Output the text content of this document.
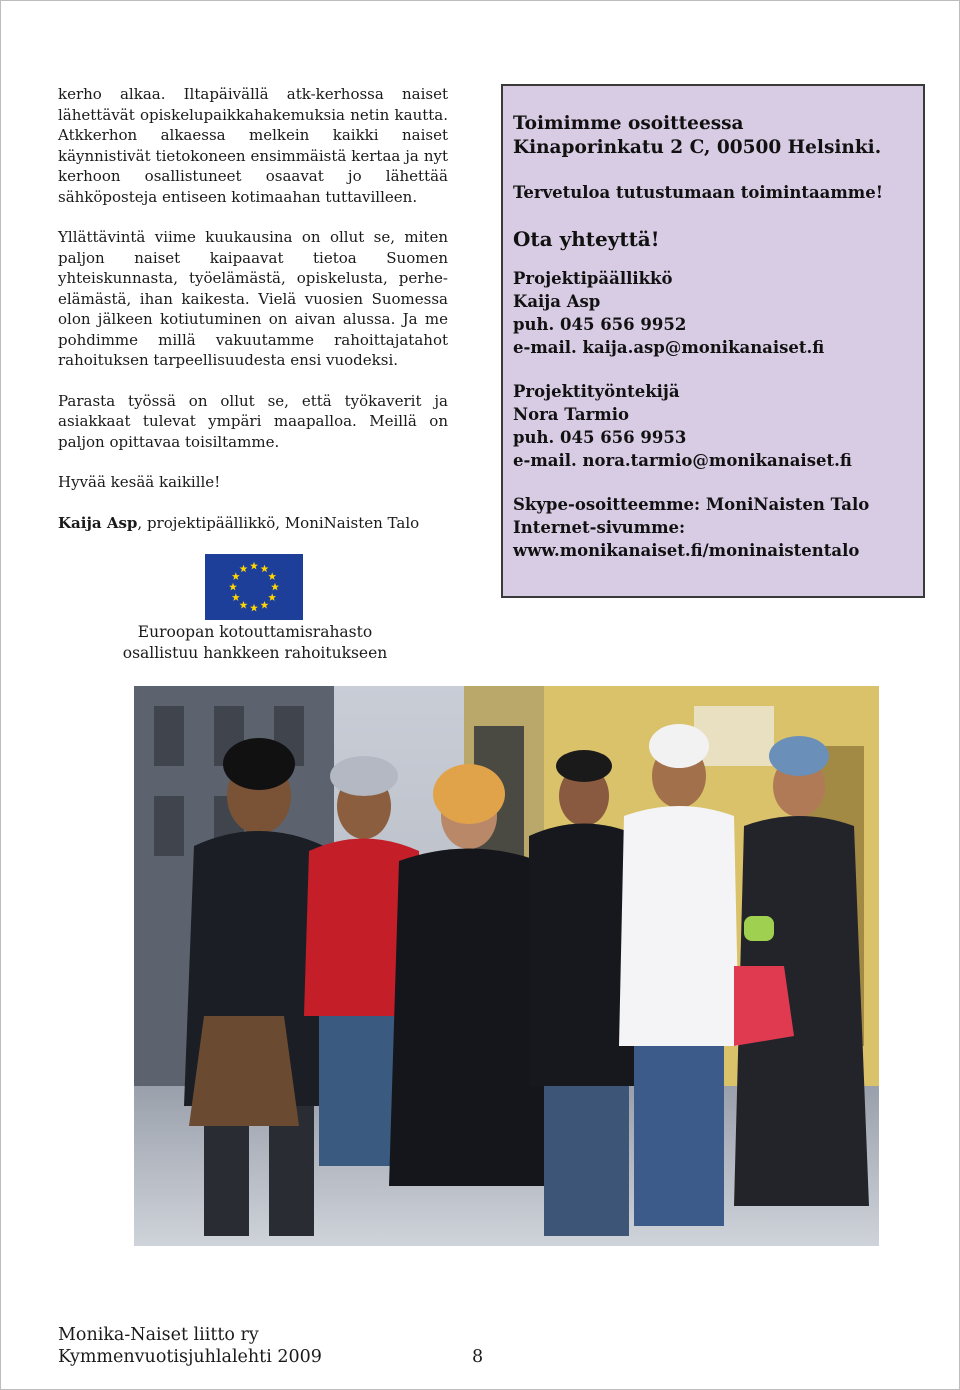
kerho alkaa. Iltapäivällä atk-kerhossa naiset lähettävät opiskelupaikkahakemuksia netin kautta. Atkkerhon alkaessa melkein kaikki naiset käynnistivät tietokoneen ensimmäistä kertaa ja nyt kerhoon osallistuneet osaavat jo lähettää sähköposteja entiseen kotimaahan tuttavilleen.

Yllättävintä viime kuukausina on ollut se, miten paljon naiset kaipaavat tietoa Suomen yhteiskunnasta, työelämästä, opiskelusta, perhe-elämästä, ihan kaikesta. Vielä vuosien Suomessa olon jälkeen kotiutuminen on aivan alussa. Ja me pohdimme millä vakuutamme rahoittajatahot rahoituksen tarpeellisuudesta ensi vuodeksi.

Parasta työssä on ollut se, että työkaverit ja asiakkaat tulevat ympäri maapalloa. Meillä on paljon opittavaa toisiltamme.

Hyvää kesää kaikille!

Kaija Asp, projektipäällikkö, MoniNaisten Talo

Toimimme osoitteessa
Kinaporinkatu 2 C, 00500 Helsinki.
Tervetuloa tutustumaan toimintaamme!
Ota yhteyttä!
Projektipäällikkö
Kaija Asp
puh. 045 656 9952
e-mail. kaija.asp@monikanaiset.fi
Projektityöntekijä
Nora Tarmio
puh. 045 656 9953
e-mail. nora.tarmio@monikanaiset.fi
Skype-osoitteemme: MoniNaisten Talo
Internet-sivumme:
www.monikanaiset.fi/moninaistentalo
Euroopan kotouttamisrahasto
osallistuu hankkeen rahoitukseen
Monika-Naiset liitto ry
Kymmenvuotisjuhlalehti 2009	8
